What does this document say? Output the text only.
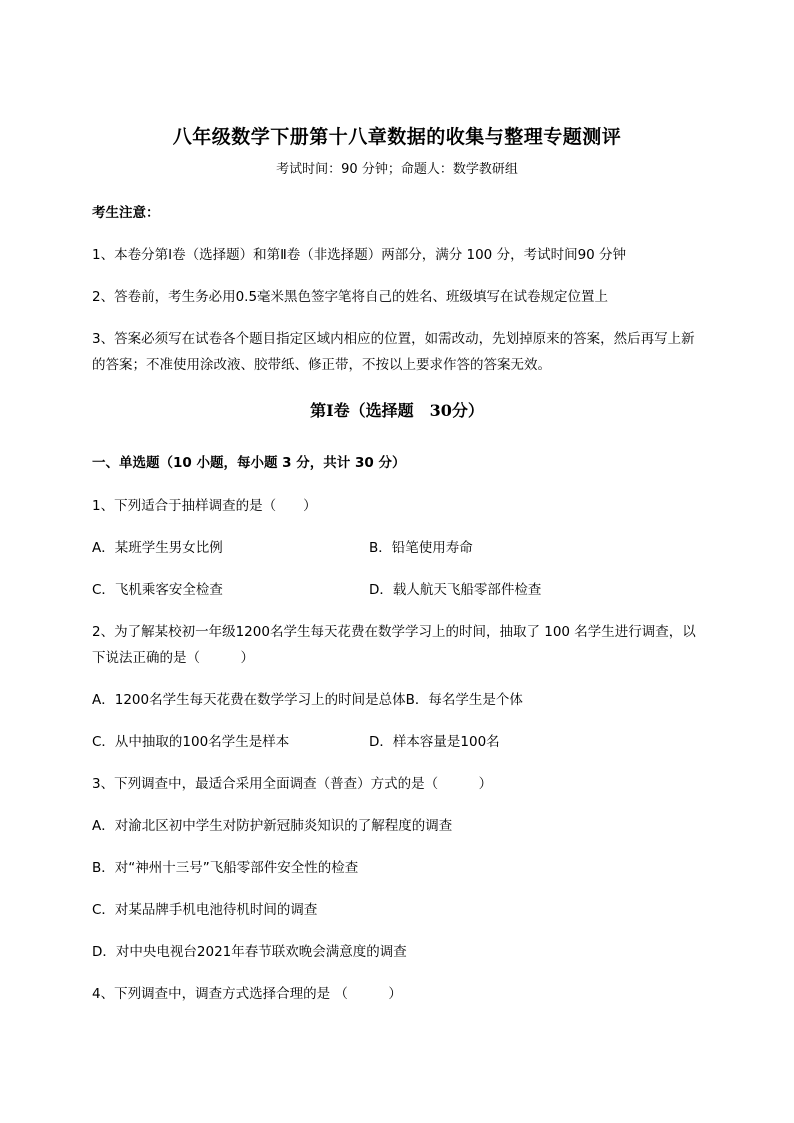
八年级数学下册第十八章数据的收集与整理专题测评
考试时间：90 分钟；命题人：数学教研组
考生注意：
1、本卷分第Ⅰ卷（选择题）和第Ⅱ卷（非选择题）两部分，满分 100 分，考试时间90 分钟
2、答卷前，考生务必用0.5毫米黑色签字笔将自己的姓名、班级填写在试卷规定位置上
3、答案必须写在试卷各个题目指定区域内相应的位置，如需改动，先划掉原来的答案，然后再写上新
的答案；不准使用涂改液、胶带纸、修正带，不按以上要求作答的答案无效。
第Ⅰ卷（选择题　30分）
一、单选题（10 小题，每小题 3 分，共计 30 分）
1、下列适合于抽样调查的是（　　）
A．某班学生男女比例	B．铅笔使用寿命
C．飞机乘客安全检查	D．载人航天飞船零部件检查
2、为了解某校初一年级1200名学生每天花费在数学学习上的时间，抽取了 100 名学生进行调查，以
下说法正确的是（　　　）
A．1200名学生每天花费在数学学习上的时间是总体B．每名学生是个体
C．从中抽取的100名学生是样本	D．样本容量是100名
3、下列调查中，最适合采用全面调查（普查）方式的是（　　　）
A．对渝北区初中学生对防护新冠肺炎知识的了解程度的调查
B．对“神州十三号”飞船零部件安全性的检查
C．对某品牌手机电池待机时间的调查
D．对中央电视台2021年春节联欢晚会满意度的调查
4、下列调查中，调查方式选择合理的是 （　　　）
